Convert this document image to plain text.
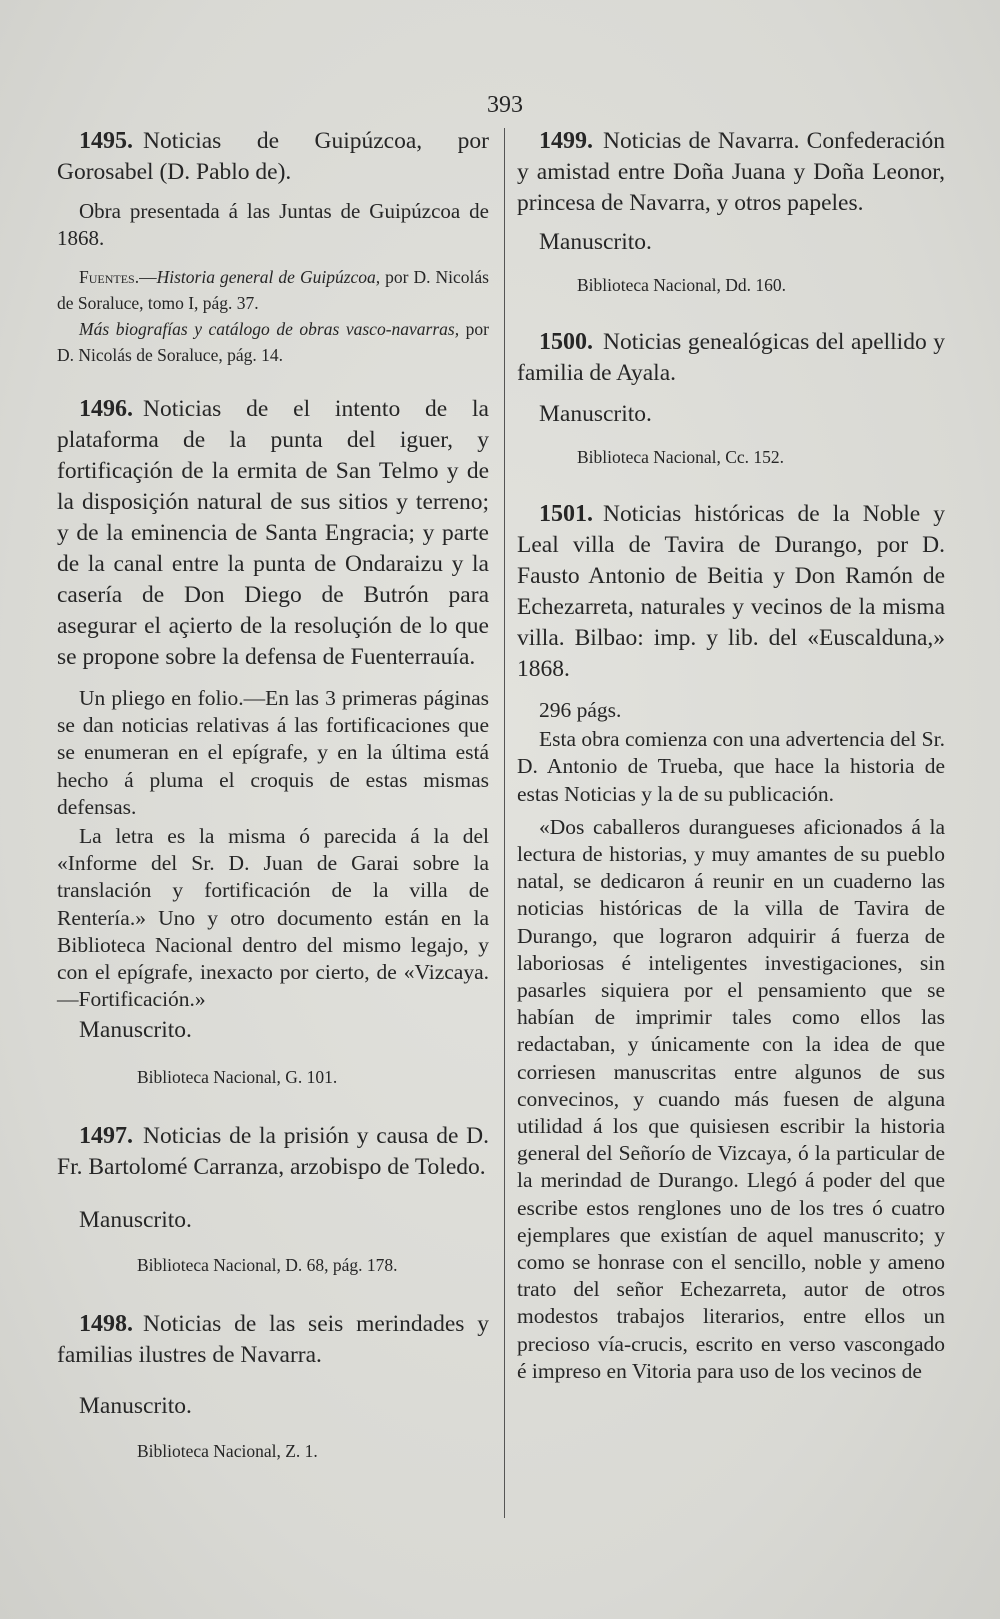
393

1495. Noticias de Guipúzcoa, por Gorosabel (D. Pablo de).

Obra presentada á las Juntas de Guipúzcoa de 1868.

Fuentes.—Historia general de Guipúzcoa, por D. Nicolás de Soraluce, tomo I, pág. 37.
Más biografías y catálogo de obras vasco-navarras, por D. Nicolás de Soraluce, pág. 14.

1496. Noticias de el intento de la plataforma de la punta del iguer, y fortificaçión de la ermita de San Telmo y de la disposiçión natural de sus sitios y terreno; y de la eminencia de Santa Engracia; y parte de la canal entre la punta de Ondaraizu y la casería de Don Diego de Butrón para asegurar el açierto de la resoluçión de lo que se propone sobre la defensa de Fuenterrauía.

Un pliego en folio.—En las 3 primeras páginas se dan noticias relativas á las fortificaciones que se enumeran en el epígrafe, y en la última está hecho á pluma el croquis de estas mismas defensas.

La letra es la misma ó parecida á la del «Informe del Sr. D. Juan de Garai sobre la translación y fortificación de la villa de Rentería.» Uno y otro documento están en la Biblioteca Nacional dentro del mismo legajo, y con el epígrafe, inexacto por cierto, de «Vizcaya.—Fortificación.»

Manuscrito.

Biblioteca Nacional, G. 101.

1497. Noticias de la prisión y causa de D. Fr. Bartolomé Carranza, arzobispo de Toledo.

Manuscrito.

Biblioteca Nacional, D. 68, pág. 178.

1498. Noticias de las seis merindades y familias ilustres de Navarra.

Manuscrito.

Biblioteca Nacional, Z. 1.

1499. Noticias de Navarra. Confederación y amistad entre Doña Juana y Doña Leonor, princesa de Navarra, y otros papeles.

Manuscrito.

Biblioteca Nacional, Dd. 160.

1500. Noticias genealógicas del apellido y familia de Ayala.

Manuscrito.

Biblioteca Nacional, Cc. 152.

1501. Noticias históricas de la Noble y Leal villa de Tavira de Durango, por D. Fausto Antonio de Beitia y Don Ramón de Echezarreta, naturales y vecinos de la misma villa. Bilbao: imp. y lib. del «Euscalduna,» 1868.

296 págs.

Esta obra comienza con una advertencia del Sr. D. Antonio de Trueba, que hace la historia de estas Noticias y la de su publicación.

«Dos caballeros durangueses aficionados á la lectura de historias, y muy amantes de su pueblo natal, se dedicaron á reunir en un cuaderno las noticias históricas de la villa de Tavira de Durango, que lograron adquirir á fuerza de laboriosas é inteligentes investigaciones, sin pasarles siquiera por el pensamiento que se habían de imprimir tales como ellos las redactaban, y únicamente con la idea de que corriesen manuscritas entre algunos de sus convecinos, y cuando más fuesen de alguna utilidad á los que quisiesen escribir la historia general del Señorío de Vizcaya, ó la particular de la merindad de Durango. Llegó á poder del que escribe estos renglones uno de los tres ó cuatro ejemplares que existían de aquel manuscrito; y como se honrase con el sencillo, noble y ameno trato del señor Echezarreta, autor de otros modestos trabajos literarios, entre ellos un precioso vía-crucis, escrito en verso vascongado é impreso en Vitoria para uso de los vecinos de
